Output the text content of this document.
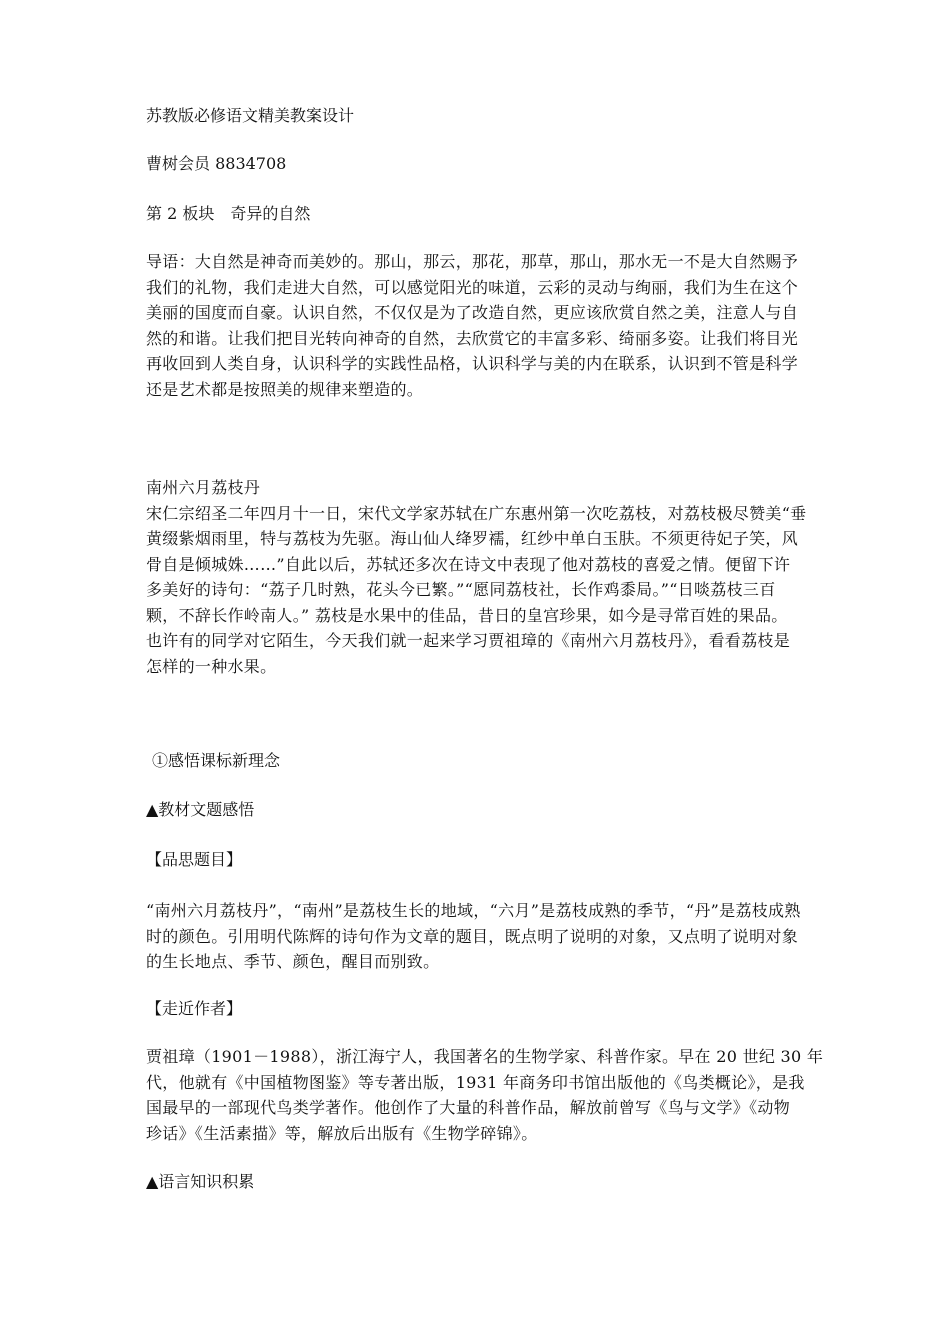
苏教版必修语文精美教案设计
曹树会员 8834708
第 2 板块　奇异的自然
导语：大自然是神奇而美妙的。那山，那云，那花，那草，那山，那水无一不是大自然赐予
我们的礼物，我们走进大自然，可以感觉阳光的味道，云彩的灵动与绚丽，我们为生在这个
美丽的国度而自豪。认识自然，不仅仅是为了改造自然，更应该欣赏自然之美，注意人与自
然的和谐。让我们把目光转向神奇的自然，去欣赏它的丰富多彩、绮丽多姿。让我们将目光
再收回到人类自身，认识科学的实践性品格，认识科学与美的内在联系，认识到不管是科学
还是艺术都是按照美的规律来塑造的。
南州六月荔枝丹
宋仁宗绍圣二年四月十一日，宋代文学家苏轼在广东惠州第一次吃荔枝，对荔枝极尽赞美“垂
黄缀紫烟雨里，特与荔枝为先驱。海山仙人绛罗襦，红纱中单白玉肤。不须更待妃子笑，风
骨自是倾城姝……”自此以后，苏轼还多次在诗文中表现了他对荔枝的喜爱之情。便留下许
多美好的诗句：“荔子几时熟，花头今已繁。”“愿同荔枝社，长作鸡黍局。”“日啖荔枝三百
颗，不辞长作岭南人。” 荔枝是水果中的佳品，昔日的皇宫珍果，如今是寻常百姓的果品。
也许有的同学对它陌生，今天我们就一起来学习贾祖璋的《南州六月荔枝丹》，看看荔枝是
怎样的一种水果。
①感悟课标新理念
▲教材文题感悟
【品思题目】
“南州六月荔枝丹”，“南州”是荔枝生长的地域，“六月”是荔枝成熟的季节，“丹”是荔枝成熟
时的颜色。引用明代陈辉的诗句作为文章的题目，既点明了说明的对象，又点明了说明对象
的生长地点、季节、颜色，醒目而别致。
【走近作者】
贾祖璋（1901－1988），浙江海宁人，我国著名的生物学家、科普作家。早在 20 世纪 30 年
代，他就有《中国植物图鉴》等专著出版，1931 年商务印书馆出版他的《鸟类概论》，是我
国最早的一部现代鸟类学著作。他创作了大量的科普作品，解放前曾写《鸟与文学》《动物
珍话》《生活素描》等，解放后出版有《生物学碎锦》。
▲语言知识积累
